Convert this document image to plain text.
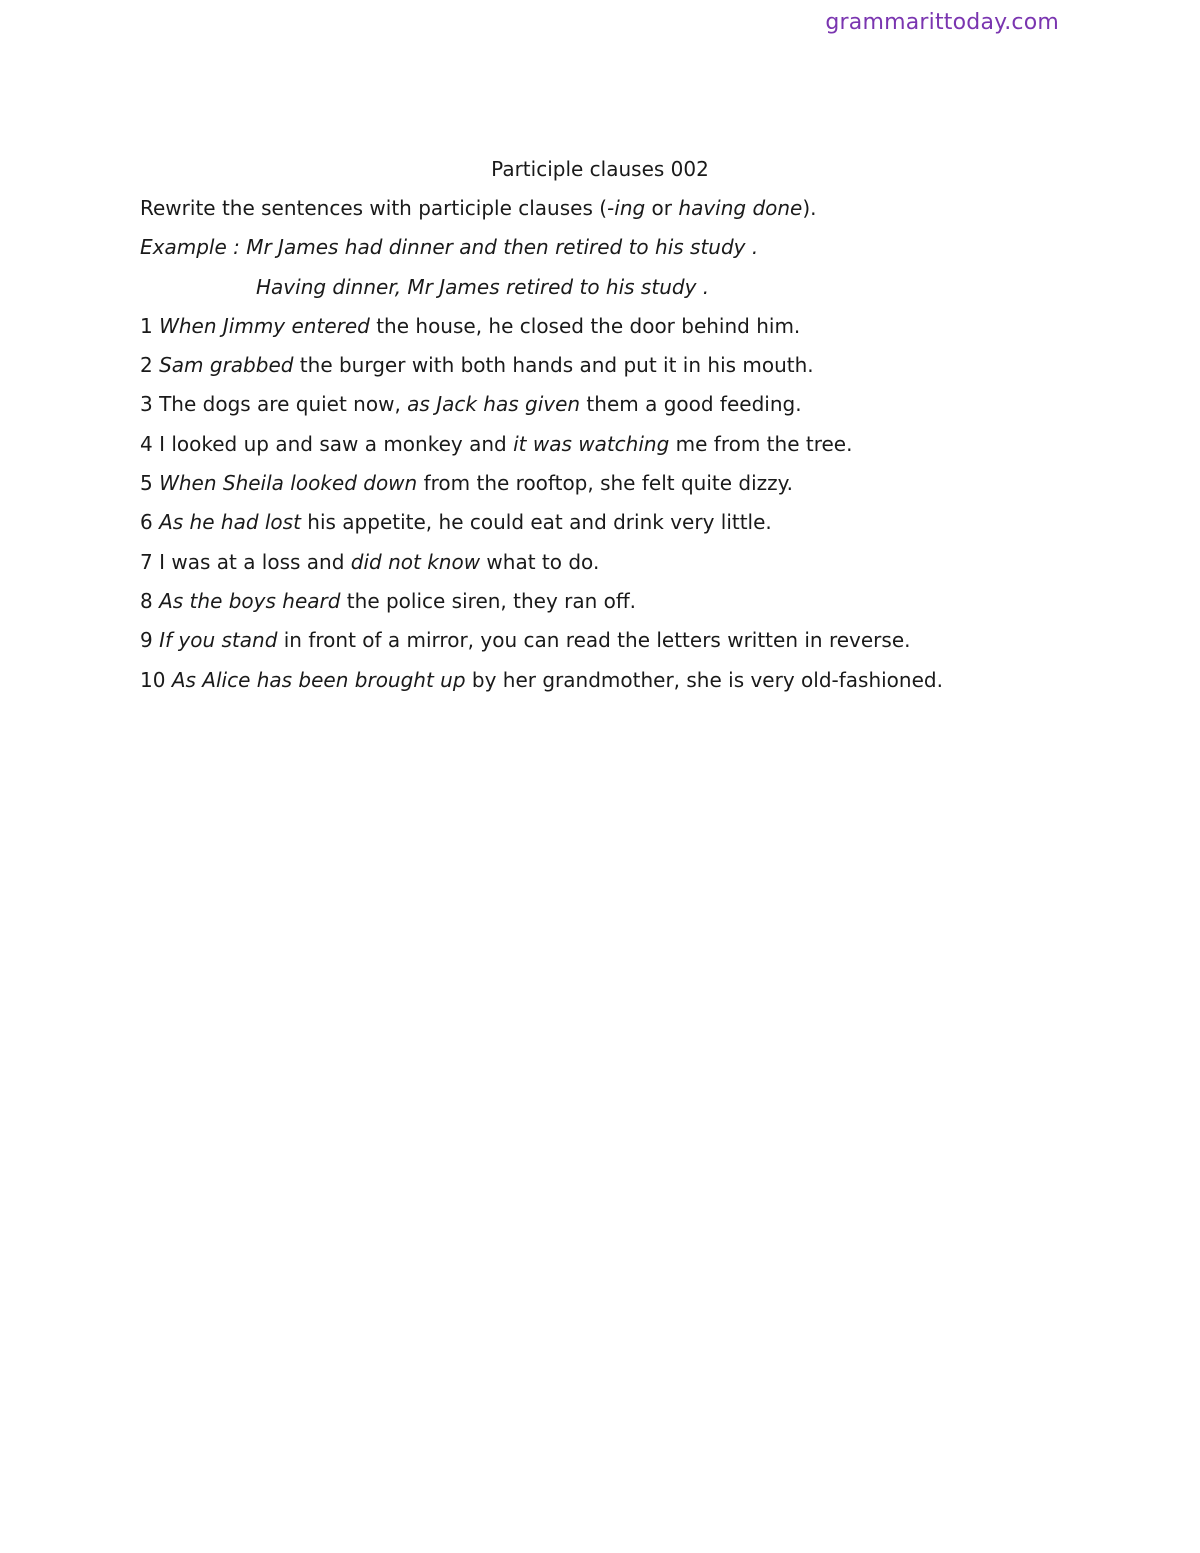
grammarittoday.com
Participle clauses 002
Rewrite the sentences with participle clauses (-ing or having done).
Example : Mr James had dinner and then retired to his study .
Having dinner, Mr James retired to his study .
1 When Jimmy entered the house, he closed the door behind him.
2 Sam grabbed the burger with both hands and put it in his mouth.
3 The dogs are quiet now, as Jack has given them a good feeding.
4 I looked up and saw a monkey and it was watching me from the tree.
5 When Sheila looked down from the rooftop, she felt quite dizzy.
6 As he had lost his appetite, he could eat and drink very little.
7 I was at a loss and did not know what to do.
8 As the boys heard the police siren, they ran off.
9 If you stand in front of a mirror, you can read the letters written in reverse.
10 As Alice has been brought up by her grandmother, she is very old-fashioned.
